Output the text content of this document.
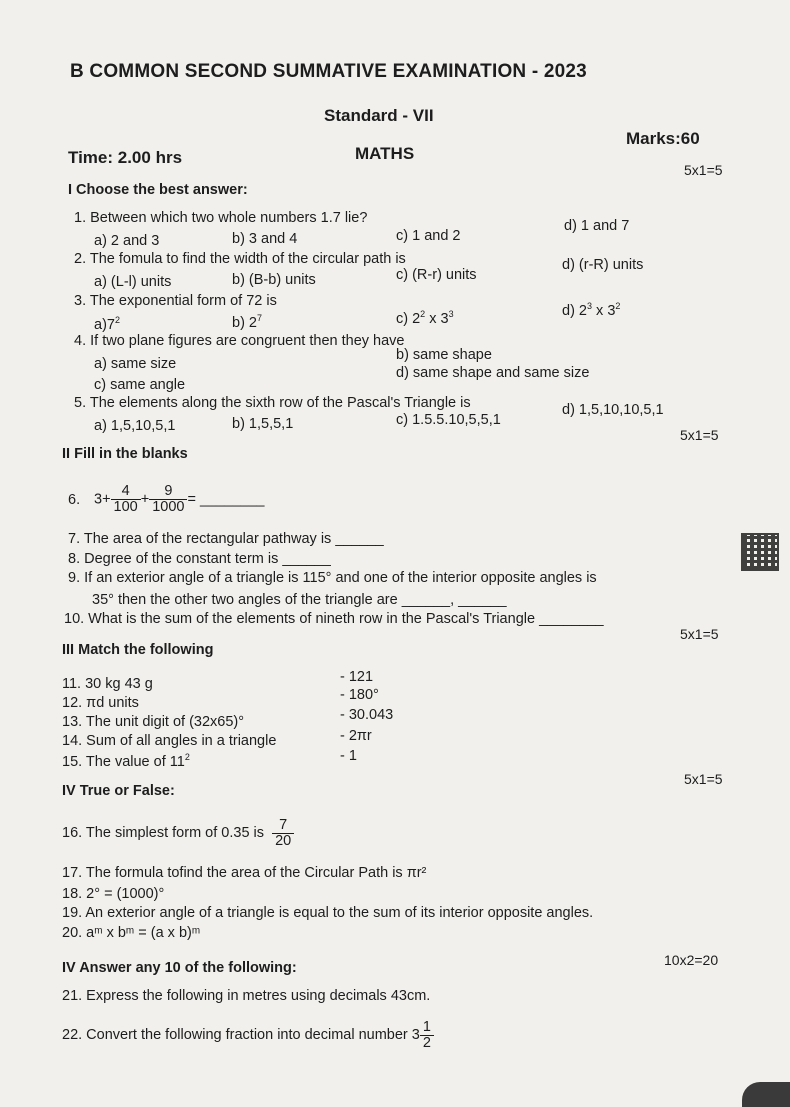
B COMMON SECOND SUMMATIVE EXAMINATION - 2023
Standard - VII
Time: 2.00 hrs	MATHS
Marks:60
I Choose the best answer:
5x1=5
1. Between which two whole numbers 1.7 lie?
a) 2 and 3	b) 3 and 4	c) 1 and 2
d) 1 and 7
2. The fomula to find the width of the circular path is
a) (L-l) units	b) (B-b) units	c) (R-r) units
d) (r-R) units
3. The exponential form of 72 is
$a)7^2$	b) $2^7$	c) $2^2$ x $3^3$	d) $2^3$ x $3^2$
4. If two plane figures are congruent then they have
a) same size
b) same shape
c) same angle
d) same shape and same size
5. The elements along the sixth row of the Pascal's Triangle is
a) 1,5,10,5,1	b) 1,5,5,1	c) 1.5.5.10,5,5,1
d) 1,5,10,10,5,1
II Fill in the blanks
5x1=5
6. $3+ \frac{4}{100} + \frac{9}{1000}$ = ________
7. The area of the rectangular pathway is ______
8. Degree of the constant term is ______
9. If an exterior angle of a triangle is 115° and one of the interior opposite angles is
35° then the other two angles of the triangle are ______, ______
10. What is the sum of the elements of nineth row in the Pascal's Triangle ________
III Match the following
5x1=5
11. 30 kg 43 g	- 121
12. πd units	- 180°
13. The unit digit of (32x65)°	- 30.043
14. Sum of all angles in a triangle	- 2πr
15. The value of $11^2$	- 1
IV True or False:
5x1=5
16. The simplest form of 0.35 is $\frac{7}{20}$
17. The formula tofind the area of the Circular Path is πr²
18. 2° = (1000)°
19. An exterior angle of a triangle is equal to the sum of its interior opposite angles.
20. aᵐ x bᵐ = (a x b)ᵐ
IV Answer any 10 of the following:	10x2=20
21. Express the following in metres using decimals 43cm.
22. Convert the following fraction into decimal number $3 \frac{1}{2}$
